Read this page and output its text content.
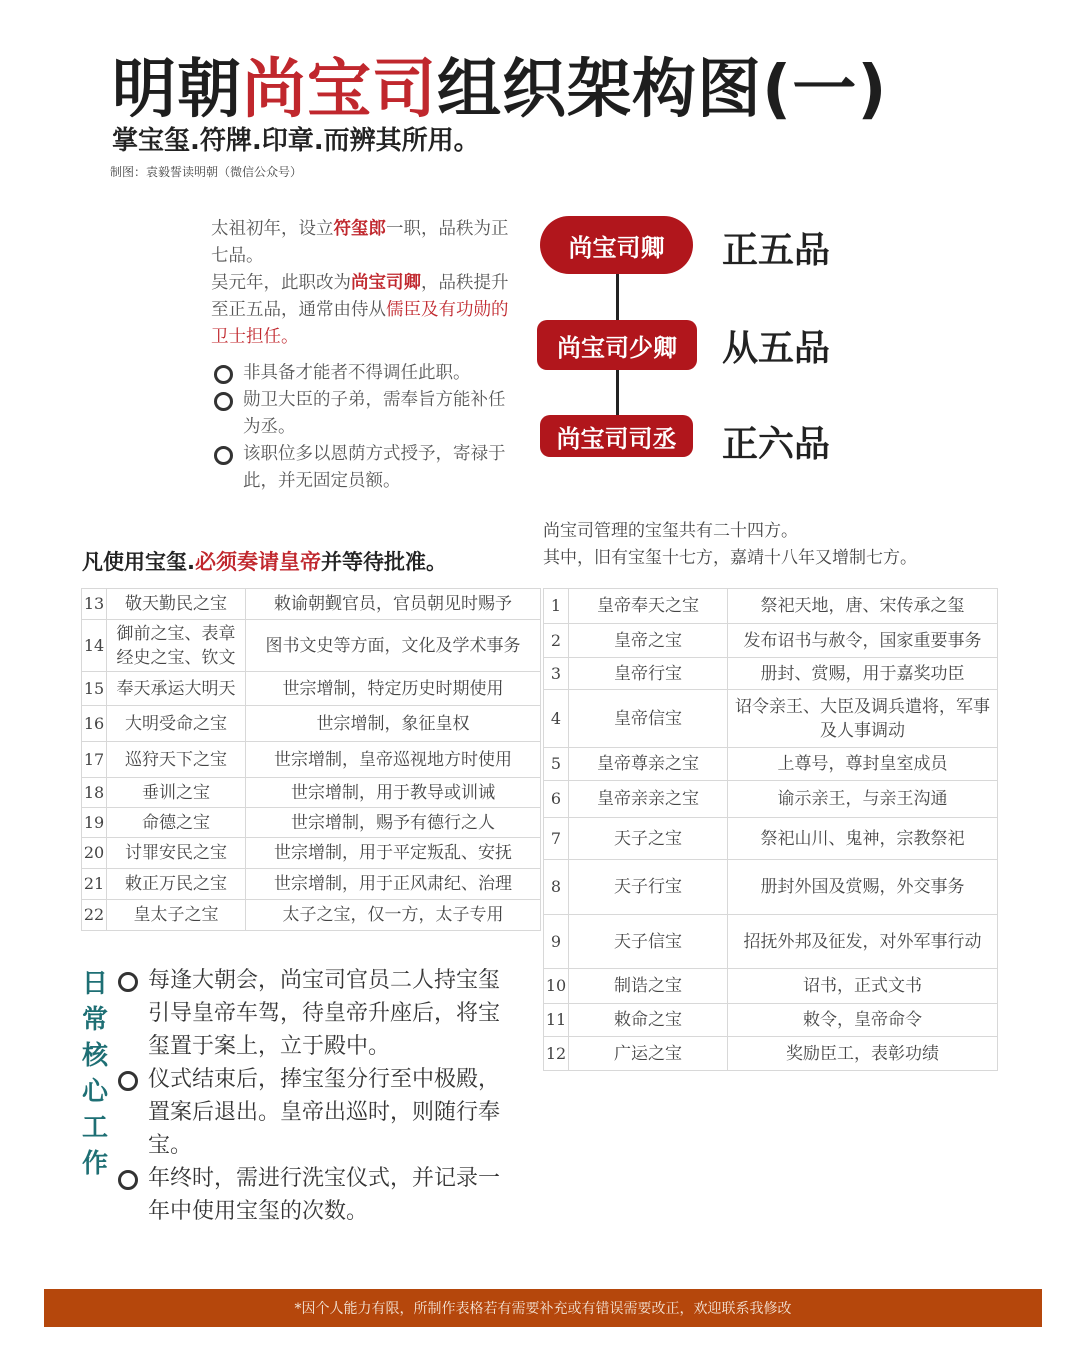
明朝尚宝司组织架构图(一)
掌宝玺.符牌.印章.而辨其所用。
制图：袁毅誓读明朝（微信公众号）
太祖初年，设立符玺郎一职，品秩为正七品。
吴元年，此职改为尚宝司卿，品秩提升至正五品，通常由侍从儒臣及有功勋的卫士担任。
非具备才能者不得调任此职。
勋卫大臣的子弟，需奉旨方能补任为丞。
该职位多以恩荫方式授予，寄禄于此，并无固定员额。
尚宝司卿
尚宝司少卿
尚宝司司丞
正五品
从五品
正六品
凡使用宝玺.必须奏请皇帝并等待批准。
尚宝司管理的宝玺共有二十四方。
其中，旧有宝玺十七方，嘉靖十八年又增制七方。
13	敬天勤民之宝	敕谕朝觐官员，官员朝见时赐予
14	御前之宝、表章经史之宝、钦文	图书文史等方面，文化及学术事务
15	奉天承运大明天	世宗增制，特定历史时期使用
16	大明受命之宝	世宗增制，象征皇权
17	巡狩天下之宝	世宗增制，皇帝巡视地方时使用
18	垂训之宝	世宗增制，用于教导或训诫
19	命德之宝	世宗增制，赐予有德行之人
20	讨罪安民之宝	世宗增制，用于平定叛乱、安抚
21	敕正万民之宝	世宗增制，用于正风肃纪、治理
22	皇太子之宝	太子之宝，仅一方，太子专用
1	皇帝奉天之宝	祭祀天地，唐、宋传承之玺
2	皇帝之宝	发布诏书与赦令，国家重要事务
3	皇帝行宝	册封、赏赐，用于嘉奖功臣
4	皇帝信宝	诏令亲王、大臣及调兵遣将，军事及人事调动
5	皇帝尊亲之宝	上尊号，尊封皇室成员
6	皇帝亲亲之宝	谕示亲王，与亲王沟通
7	天子之宝	祭祀山川、鬼神，宗教祭祀
8	天子行宝	册封外国及赏赐，外交事务
9	天子信宝	招抚外邦及征发，对外军事行动
10	制诰之宝	诏书，正式文书
11	敕命之宝	敕令，皇帝命令
12	广运之宝	奖励臣工，表彰功绩
日常核心工作
每逢大朝会，尚宝司官员二人持宝玺引导皇帝车驾，待皇帝升座后，将宝玺置于案上，立于殿中。
仪式结束后，捧宝玺分行至中极殿，置案后退出。皇帝出巡时，则随行奉宝。
年终时，需进行洗宝仪式，并记录一年中使用宝玺的次数。
*因个人能力有限，所制作表格若有需要补充或有错误需要改正，欢迎联系我修改
